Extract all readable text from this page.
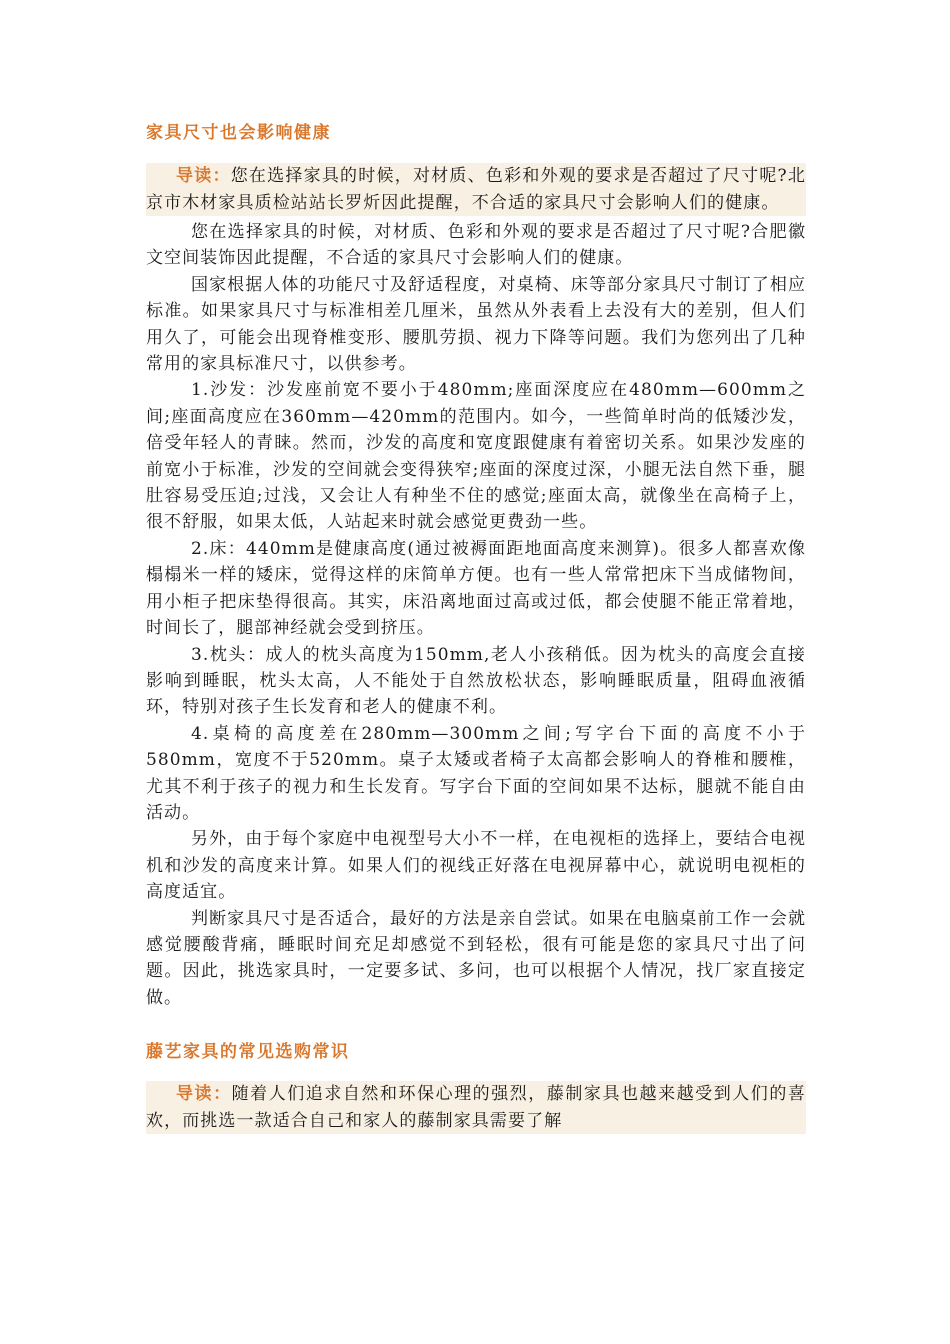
家具尺寸也会影响健康
导读：您在选择家具的时候，对材质、色彩和外观的要求是否超过了尺寸呢?北京市木材家具质检站站长罗炘因此提醒，不合适的家具尺寸会影响人们的健康。

您在选择家具的时候，对材质、色彩和外观的要求是否超过了尺寸呢?合肥徽文空间装饰因此提醒，不合适的家具尺寸会影响人们的健康。

国家根据人体的功能尺寸及舒适程度，对桌椅、床等部分家具尺寸制订了相应标准。如果家具尺寸与标准相差几厘米，虽然从外表看上去没有大的差别，但人们用久了，可能会出现脊椎变形、腰肌劳损、视力下降等问题。我们为您列出了几种常用的家具标准尺寸，以供参考。

1.沙发：沙发座前宽不要小于480mm;座面深度应在480mm—600mm之间;座面高度应在360mm—420mm的范围内。如今，一些简单时尚的低矮沙发，倍受年轻人的青睐。然而，沙发的高度和宽度跟健康有着密切关系。如果沙发座的前宽小于标准，沙发的空间就会变得狭窄;座面的深度过深，小腿无法自然下垂，腿肚容易受压迫;过浅，又会让人有种坐不住的感觉;座面太高，就像坐在高椅子上，很不舒服，如果太低，人站起来时就会感觉更费劲一些。

2.床：440mm是健康高度(通过被褥面距地面高度来测算)。很多人都喜欢像榻榻米一样的矮床，觉得这样的床简单方便。也有一些人常常把床下当成储物间，用小柜子把床垫得很高。其实，床沿离地面过高或过低，都会使腿不能正常着地，时间长了，腿部神经就会受到挤压。

3.枕头：成人的枕头高度为150mm,老人小孩稍低。因为枕头的高度会直接影响到睡眠，枕头太高，人不能处于自然放松状态，影响睡眠质量，阻碍血液循环，特别对孩子生长发育和老人的健康不利。

4.桌椅的高度差在280mm—300mm之间;写字台下面的高度不小于580mm，宽度不于520mm。桌子太矮或者椅子太高都会影响人的脊椎和腰椎，尤其不利于孩子的视力和生长发育。写字台下面的空间如果不达标，腿就不能自由活动。

另外，由于每个家庭中电视型号大小不一样，在电视柜的选择上，要结合电视机和沙发的高度来计算。如果人们的视线正好落在电视屏幕中心，就说明电视柜的高度适宜。

判断家具尺寸是否适合，最好的方法是亲自尝试。如果在电脑桌前工作一会就感觉腰酸背痛，睡眠时间充足却感觉不到轻松，很有可能是您的家具尺寸出了问题。因此，挑选家具时，一定要多试、多问，也可以根据个人情况，找厂家直接定做。

藤艺家具的常见选购常识
导读：随着人们追求自然和环保心理的强烈，藤制家具也越来越受到人们的喜欢，而挑选一款适合自己和家人的藤制家具需要了解
